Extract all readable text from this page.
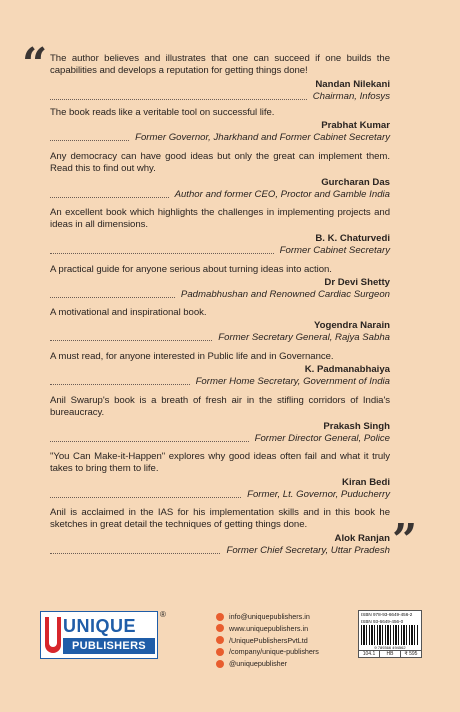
“ The author believes and illustrates that one can succeed if one builds the capabilities and develops a reputation for getting things done!

Nandan Nilekani
Chairman, Infosys

The book reads like a veritable tool on successful life.

Prabhat Kumar
Former Governor, Jharkhand and Former Cabinet Secretary

Any democracy can have good ideas but only the great can implement them. Read this to find out why.

Gurcharan Das
Author and former CEO, Proctor and Gamble India

An excellent book which highlights the challenges in implementing projects and ideas in all dimensions.

B. K. Chaturvedi
Former Cabinet Secretary

A practical guide for anyone serious about turning ideas into action.

Dr Devi Shetty
Padmabhushan and Renowned Cardiac Surgeon

A motivational and inspirational book.

Yogendra Narain
Former Secretary General, Rajya Sabha

A must read, for anyone interested in Public life and in Governance.

K. Padmanabhaiya
Former Home Secretary, Government of India

Anil Swarup's book is a breath of fresh air in the stifling corridors of India's bureaucracy.

Prakash Singh
Former Director General, Police

"You Can Make-it-Happen" explores why good ideas often fail and what it truly takes to bring them to life.

Kiran Bedi
Former, Lt. Governor, Puducherry

Anil is acclaimed in the IAS for his implementation skills and in this book he sketches in great detail the techniques of getting things done.

Alok Ranjan
Former Chief Secretary, Uttar Pradesh ”
UNIQUE
PUBLISHERS
®	info@uniquepublishers.in
www.uniquepublishers.in
/UniquePublishersPvtLtd
/company/unique-publishers
@uniquepublisher
ISBN 978-93-6649-456-2
ISBN 93-6649-456-0
9 789366 494562
104.1	HB	₹ 595
